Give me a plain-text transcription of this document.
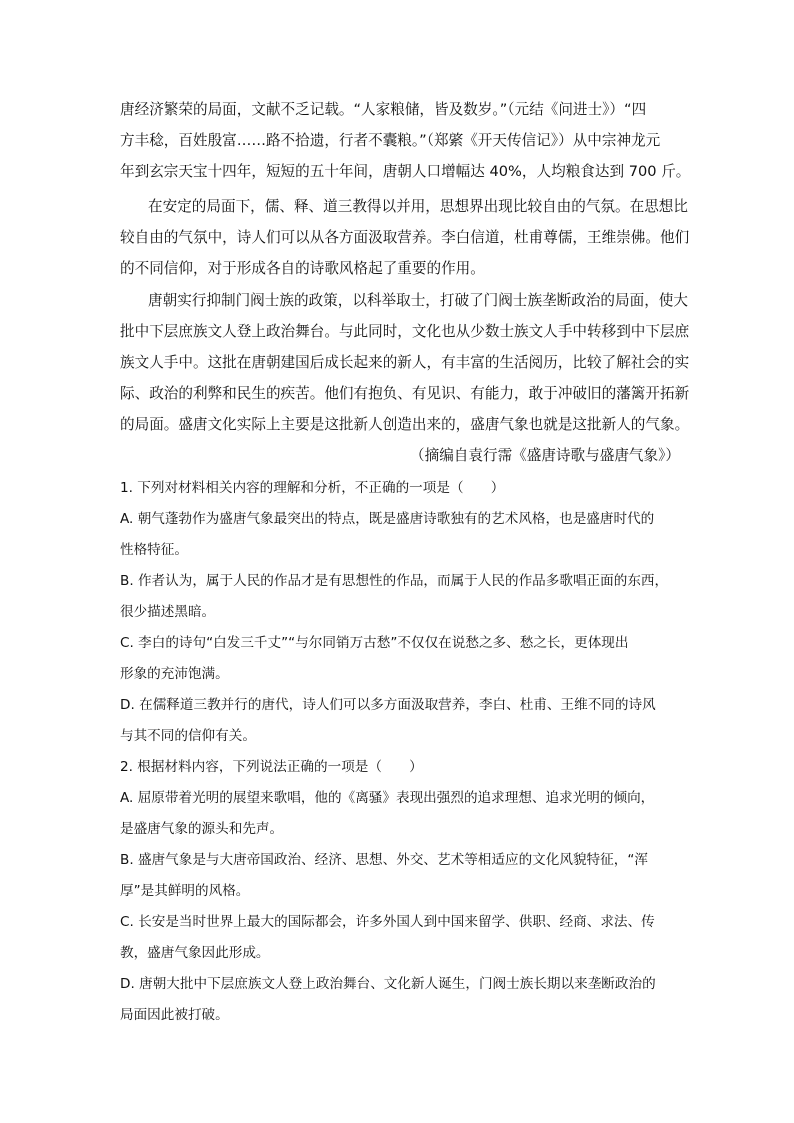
唐经济繁荣的局面，文献不乏记载。“人家粮储，皆及数岁。”（元结《问进士》）“四
方丰稔，百姓殷富……路不拾遗，行者不囊粮。”（郑綮《开天传信记》）从中宗神龙元
年到玄宗天宝十四年，短短的五十年间，唐朝人口增幅达 40%，人均粮食达到 700 斤。
在安定的局面下，儒、释、道三教得以并用，思想界出现比较自由的气氛。在思想比
较自由的气氛中，诗人们可以从各方面汲取营养。李白信道，杜甫尊儒，王维崇佛。他们
的不同信仰，对于形成各自的诗歌风格起了重要的作用。
唐朝实行抑制门阀士族的政策，以科举取士，打破了门阀士族垄断政治的局面，使大
批中下层庶族文人登上政治舞台。与此同时，文化也从少数士族文人手中转移到中下层庶
族文人手中。这批在唐朝建国后成长起来的新人，有丰富的生活阅历，比较了解社会的实
际、政治的利弊和民生的疾苦。他们有抱负、有见识、有能力，敢于冲破旧的藩篱开拓新
的局面。盛唐文化实际上主要是这批新人创造出来的，盛唐气象也就是这批新人的气象。
（摘编自袁行霈《盛唐诗歌与盛唐气象》）
1. 下列对材料相关内容的理解和分析，不正确的一项是（　　）
A. 朝气蓬勃作为盛唐气象最突出的特点，既是盛唐诗歌独有的艺术风格，也是盛唐时代的
性格特征。
B. 作者认为，属于人民的作品才是有思想性的作品，而属于人民的作品多歌唱正面的东西，
很少描述黑暗。
C. 李白的诗句“白发三千丈”“与尔同销万古愁”不仅仅在说愁之多、愁之长，更体现出
形象的充沛饱满。
D. 在儒释道三教并行的唐代，诗人们可以多方面汲取营养，李白、杜甫、王维不同的诗风
与其不同的信仰有关。
2. 根据材料内容，下列说法正确的一项是（　　）
A. 屈原带着光明的展望来歌唱，他的《离骚》表现出强烈的追求理想、追求光明的倾向，
是盛唐气象的源头和先声。
B. 盛唐气象是与大唐帝国政治、经济、思想、外交、艺术等相适应的文化风貌特征，“浑
厚”是其鲜明的风格。
C. 长安是当时世界上最大的国际都会，许多外国人到中国来留学、供职、经商、求法、传
教，盛唐气象因此形成。
D. 唐朝大批中下层庶族文人登上政治舞台、文化新人诞生，门阀士族长期以来垄断政治的
局面因此被打破。
